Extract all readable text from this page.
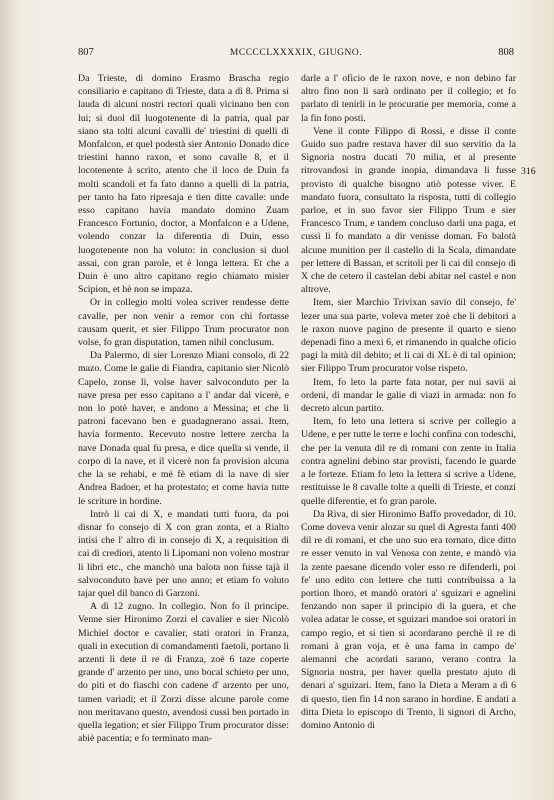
807	MCCCCLXXXXIX, GIUGNO.	808

Da Trieste, di domino Erasmo Brascha regio consiliario e capitano di Trieste, data a dì 8. Prima si lauda di alcuni nostri rectori quali vicinano ben con lui; si duol dil luogotenente di la patria, qual par siano sta tolti alcuni cavalli de' triestini di quelli di Monfalcon, et quel podestà sier Antonio Donado dice triestini hanno raxon, et sono cavalle 8, et il locotenente à scrito, atento che il loco de Duin fa molti scandoli et fa fato danno a quelli di la patria, per tanto ha fato ripresaja e tien ditte cavalle: unde esso capitano havia mandato domino Zuam Francesco Fortunio, doctor, a Monfalcon e a Udene, volendo conzar la diferentia di Duin, esso luogotenente non ha voluto: in conclusion si duol assai, con gran parole, et è longa lettera. Et che a Duin è uno altro capitano regio chiamato misier Scipion, et hè non se impaza.

Or in collegio molti volea scriver rendesse dette cavalle, per non venir a remor con chi fortasse causam querit, et sier Filippo Trum procurator non volse, fo gran disputation, tamen nihil conclusum.

Da Palermo, di sier Lorenzo Miani consolo, di 22 mazo. Come le galie di Fiandra, capitanio sier Nicolò Capelo, zonse lì, volse haver salvoconduto per la nave presa per esso capitano a l' andar dal vicerè, e non lo potè haver, e andono a Messina; et che li patroni facevano ben e guadagnerano assai. Item, havia formento. Recevuto nostre lettere zercha la nave Donada qual fu presa, e dice quella si vende, il corpo di la nave, et il vicerè non fa provision alcuna che la se rehabi, e mé fè etiam di la nave di sier Andrea Badoer, et ha protestato; et come havia tutte le scriture in hordine.

Intrò li cai di X, e mandati tutti fuora, da poi disnar fo consejo di X con gran zonta, et a Rialto intisi che l' altro di in consejo di X, a requisition di cai di crediori, atento li Lipomani non voleno mostrar li libri etc., che manchò una balota non fusse tajà il salvoconduto have per uno anno; et etiam fo voluto tajar quel dil banco di Garzoni.

A dì 12 zugno. In collegio. Non fo il principe. Venne sier Hironimo Zorzi el cavalier e sier Nicolò Michiel doctor e cavalier, stati oratori in Franza, quali in execution di comandamenti faetoli, portano li arzenti li dete il re di Franza, zoè 6 taze coperte grande d' arzento per uno, uno bocal schieto per uno, do piti et do fiaschi con cadene d' arzento per uno, tamen variadi; et il Zorzi disse alcune parole come non meritavano questo, avendosi cussì ben portado in quella legation; et sier Filippo Trum procurator disse: abiè pacentia; e fo terminato man-

darle a l' oficio de le raxon nove, e non debino far altro fino non li sarà ordinato per il collegio; et fo parlato di tenirli in le procuratie per memoria, come a la fin fono posti.

Vene il conte Filippo di Rossi, e disse il conte Guido suo padre restava haver dil suo servitio da la Signoria nostra ducati 70 milia, et al presente ritrovandosi in grande inopia, dimandava li fusse provisto di qualche bisogno atiò potesse viver. E mandato fuora, consultato la risposta, tutti di collegio parloe, et in suo favor sier Filippo Trum e sier Francesco Trum, e tandem concluso darli una paga, et cussì li fo mandato a dir venisse doman. Fo balotà alcune munition per il castello di la Scala, dimandate per lettere di Bassan, et scritoli per li cai dil consejo di X che de cetero il castelan debi abitar nel castel e non altrove.

Item, sier Marchio Trivixan savio dil consejo, fe' lezer una sua parte, voleva meter zoè che li debitori a le raxon nuove pagino de presente il quarto e sieno depenadi fino a mexi 6, et rimanendo in qualche oficio pagi la mità dil debito; et li cai di XL è di tal opinion; sier Filippo Trum procurator volse rispeto.

Item, fo leto la parte fata notar, per nui savii ai ordeni, di mandar le galie di viazi in armada: non fo decreto alcun partito.

Item, fo leto una lettera si scrive per collegio a Udene, e per tutte le terre e lochi confina con todeschi, che per la venuta dil re di romani con zente in Italia contra agnelini debino star provisti, facendo le guarde a le forteze. Etiam fo leto la lettera si scrive a Udene, restituisse le 8 cavalle tolte a quelli di Trieste, et conzi quelle diferentie, et fo gran parole.

Da Riva, di sier Hironimo Baffo provedador, di 10. Come doveva venir alozar su quel di Agresta fanti 400 dil re di romani, et che uno suo era tornato, dice ditto re esser venuto in val Venosa con zente, e mandò via la zente paesane dicendo voler esso re difenderli, poi fe' uno edito con lettere che tutti contribuissa a la portion lhoro, et mandò oratori a' sguizari e agnelini fenzando non saper il principio di la guera, et che volea adatar le cosse, et sguizari mandoe soi oratori in campo regio, et si tien si acordarano perchè il re di romani à gran voja, et è una fama in campo de' alemanni che acordati sarano, verano contra la Signoria nostra, per haver quella prestato ajuto di denari a' sguizari. Item, fano la Dieta a Meram a dì 6 di questo, tien fin 14 non sarano in hordine. E andati a ditta Dieta lo episcopo di Trento, li signori di Archo, domino Antonio di

316
